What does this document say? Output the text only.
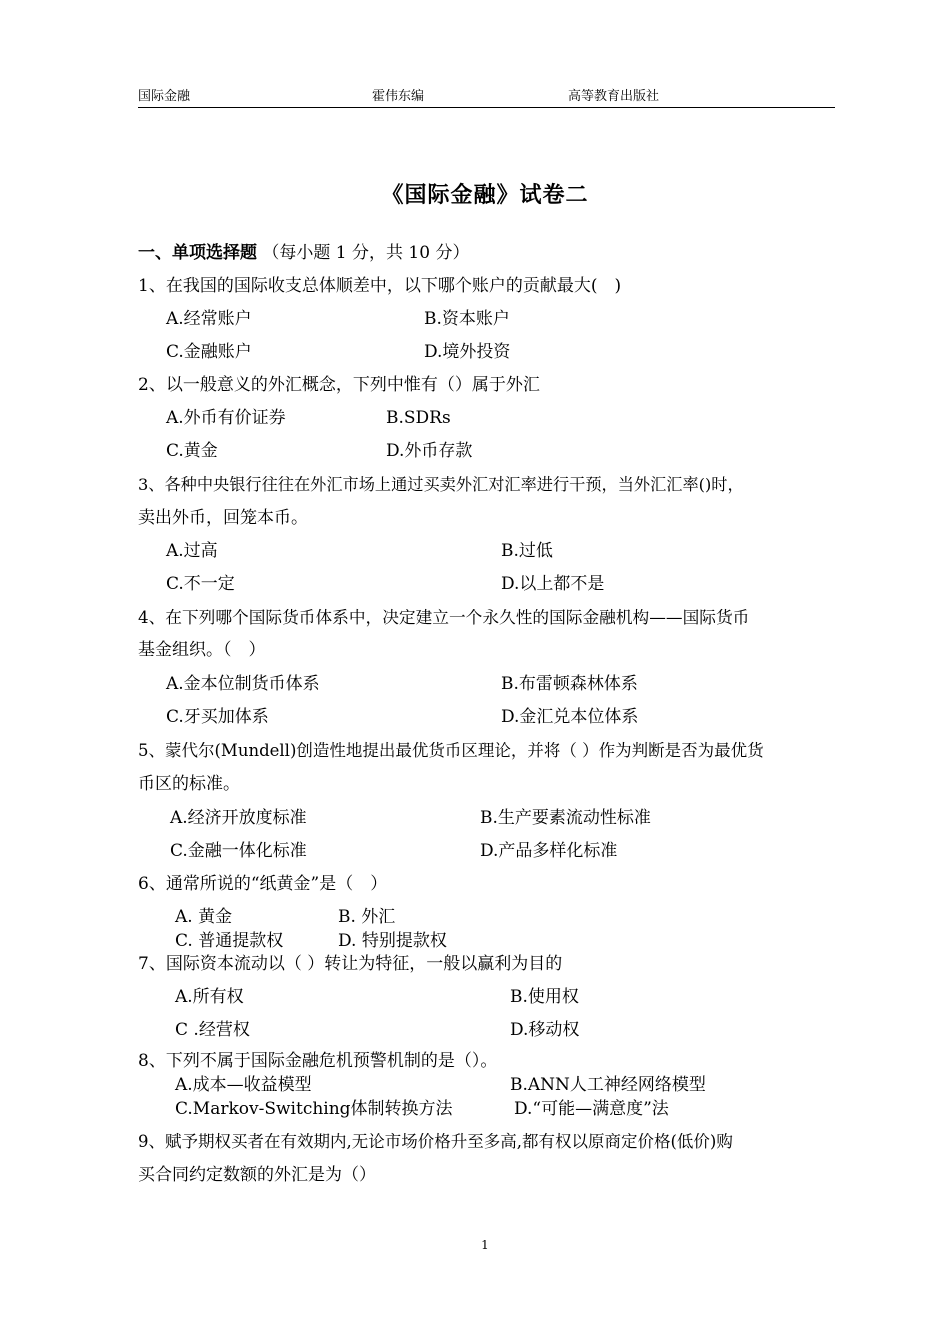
国际金融	霍伟东编	高等教育出版社
《国际金融》试卷二
一、单项选择题 （每小题 1 分，共 10 分）
1、在我国的国际收支总体顺差中，以下哪个账户的贡献最大(　)
A.经常账户	B.资本账户
C.金融账户	D.境外投资
2、以一般意义的外汇概念，下列中惟有（）属于外汇
A.外币有价证券	B.SDRs
C.黄金	D.外币存款
3、各种中央银行往往在外汇市场上通过买卖外汇对汇率进行干预，当外汇汇率()时，
卖出外币，回笼本币。
A.过高	B.过低
C.不一定	D.以上都不是
4、在下列哪个国际货币体系中，决定建立一个永久性的国际金融机构——国际货币
基金组织。（　）
A.金本位制货币体系	B.布雷顿森林体系
C.牙买加体系	D.金汇兑本位体系
5、蒙代尔(Mundell)创造性地提出最优货币区理论，并将（ ）作为判断是否为最优货
币区的标准。
A.经济开放度标准	B.生产要素流动性标准
C.金融一体化标准	D.产品多样化标准
6、通常所说的“纸黄金”是（　）
A. 黄金	B. 外汇
C. 普通提款权	D. 特别提款权
7、国际资本流动以（ ）转让为特征，一般以赢利为目的
A.所有权	B.使用权
C .经营权	D.移动权
8、下列不属于国际金融危机预警机制的是（）。
A.成本—收益模型	B.ANN人工神经网络模型
C.Markov-Switching体制转换方法	D.“可能—满意度”法
9、赋予期权买者在有效期内,无论市场价格升至多高,都有权以原商定价格(低价)购
买合同约定数额的外汇是为（）
1
